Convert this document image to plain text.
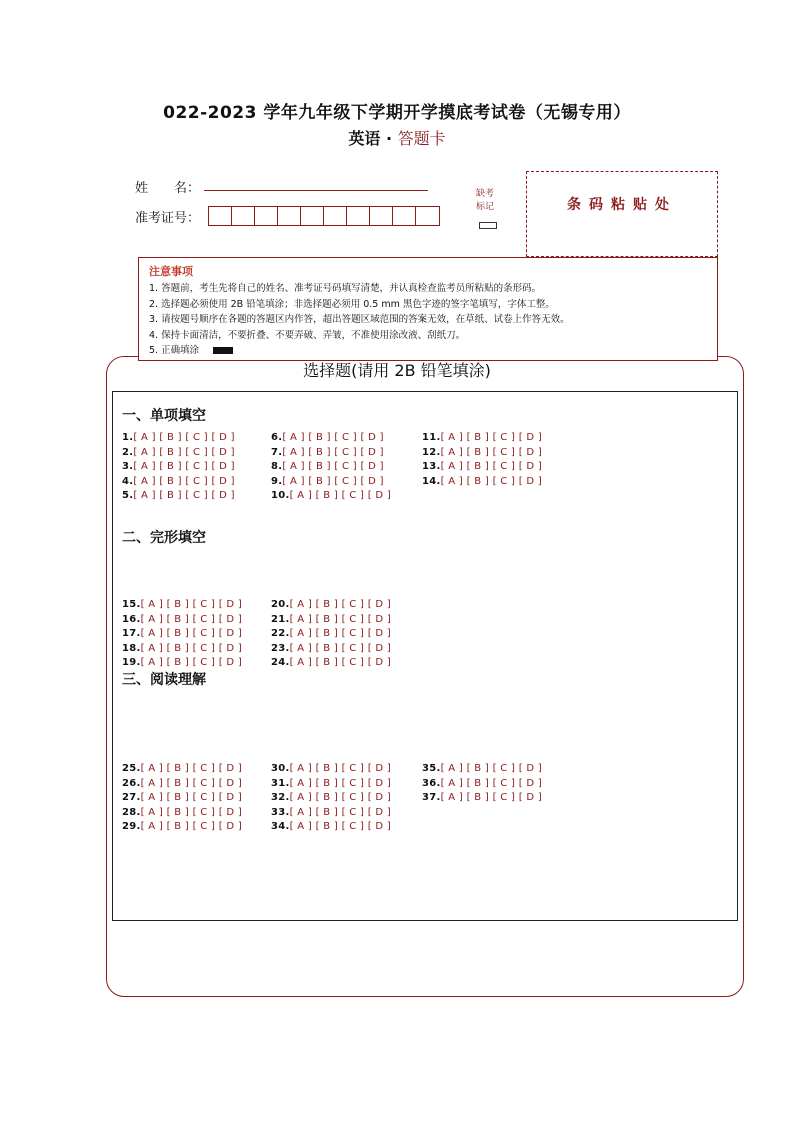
022-2023 学年九年级下学期开学摸底考试卷（无锡专用）
英语 · 答题卡
姓　　名：
准考证号：
缺考
标记	条码粘贴处
注意事项
1. 答题前，考生先将自己的姓名、准考证号码填写清楚，并认真检查监考员所粘贴的条形码。
2. 选择题必须使用 2B 铅笔填涂；非选择题必须用 0.5 mm 黑色字迹的签字笔填写，字体工整。
3. 请按题号顺序在各题的答题区内作答，超出答题区域范围的答案无效，在草纸、试卷上作答无效。
4. 保持卡面清洁，不要折叠、不要弄破、弄皱，不准使用涂改液、刮纸刀。
5. 正确填涂
选择题(请用 2B 铅笔填涂)
一、单项填空
二、完形填空
三、阅读理解
1.[ A ] [ B ] [ C ] [ D ]
2.[ A ] [ B ] [ C ] [ D ]
3.[ A ] [ B ] [ C ] [ D ]
4.[ A ] [ B ] [ C ] [ D ]
5.[ A ] [ B ] [ C ] [ D ]
6.[ A ] [ B ] [ C ] [ D ]
7.[ A ] [ B ] [ C ] [ D ]
8.[ A ] [ B ] [ C ] [ D ]
9.[ A ] [ B ] [ C ] [ D ]
10.[ A ] [ B ] [ C ] [ D ]
11.[ A ] [ B ] [ C ] [ D ]
12.[ A ] [ B ] [ C ] [ D ]
13.[ A ] [ B ] [ C ] [ D ]
14.[ A ] [ B ] [ C ] [ D ]
15.[ A ] [ B ] [ C ] [ D ]
16.[ A ] [ B ] [ C ] [ D ]
17.[ A ] [ B ] [ C ] [ D ]
18.[ A ] [ B ] [ C ] [ D ]
19.[ A ] [ B ] [ C ] [ D ]
20.[ A ] [ B ] [ C ] [ D ]
21.[ A ] [ B ] [ C ] [ D ]
22.[ A ] [ B ] [ C ] [ D ]
23.[ A ] [ B ] [ C ] [ D ]
24.[ A ] [ B ] [ C ] [ D ]
25.[ A ] [ B ] [ C ] [ D ]
26.[ A ] [ B ] [ C ] [ D ]
27.[ A ] [ B ] [ C ] [ D ]
28.[ A ] [ B ] [ C ] [ D ]
29.[ A ] [ B ] [ C ] [ D ]
30.[ A ] [ B ] [ C ] [ D ]
31.[ A ] [ B ] [ C ] [ D ]
32.[ A ] [ B ] [ C ] [ D ]
33.[ A ] [ B ] [ C ] [ D ]
34.[ A ] [ B ] [ C ] [ D ]
35.[ A ] [ B ] [ C ] [ D ]
36.[ A ] [ B ] [ C ] [ D ]
37.[ A ] [ B ] [ C ] [ D ]
